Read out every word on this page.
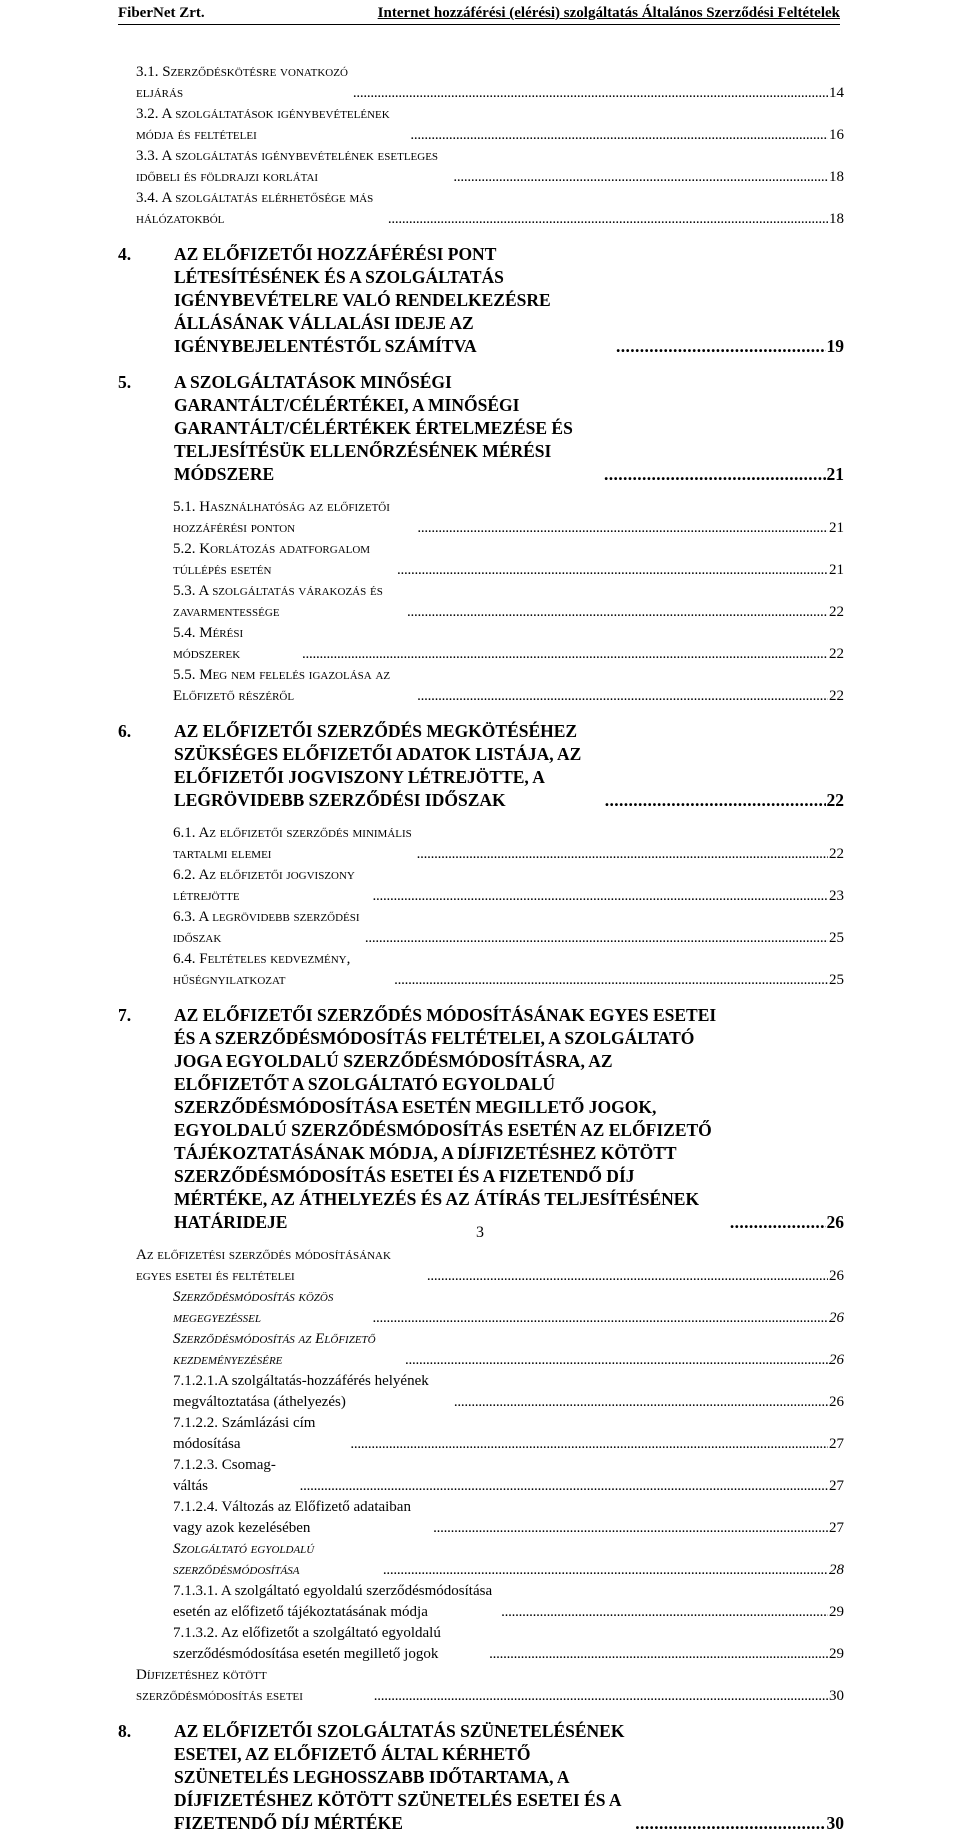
FiberNet Zrt.	Internet hozzáférési (elérési) szolgáltatás Általános Szerződési Feltételek
3.1. Szerződéskötésre vonatkozó eljárás . . .	14
3.2. A szolgáltatások igénybevételének módja és feltételei . . .	16
3.3. A szolgáltatás igénybevételének esetleges időbeli és földrajzi korlátai . . .	18
3.4. A szolgáltatás elérhetősége más hálózatokból . . .	18
4. AZ ELŐFIZETŐI HOZZÁFÉRÉSI PONT LÉTESÍTÉSÉNEK ÉS A SZOLGÁLTATÁS IGÉNYBEVÉTELRE VALÓ RENDELKEZÉSRE ÁLLÁSÁNAK VÁLLALÁSI IDEJE AZ IGÉNYBEJELENTÉSTŐL SZÁMÍTVA . . .	19
5. A SZOLGÁLTATÁSOK MINŐSÉGI GARANTÁLT/CÉLÉRTÉKEI, A MINŐSÉGI GARANTÁLT/CÉLÉRTÉKEK ÉRTELMEZÉSE ÉS TELJESÍTÉSÜK ELLENŐRZÉSÉNEK MÉRÉSI MÓDSZERE . . .	21
5.1. Használhatóság az előfizetői hozzáférési ponton . . .	21
5.2. Korlátozás adatforgalom túllépés esetén . . .	21
5.3. A szolgáltatás várakozás és zavarmentessége . . .	22
5.4. Mérési módszerek . . .	22
5.5. Meg nem felelés igazolása az Előfizető részéről . . .	22
6. AZ ELŐFIZETŐI SZERZŐDÉS MEGKÖTÉSÉHEZ SZÜKSÉGES ELŐFIZETŐI ADATOK LISTÁJA, AZ ELŐFIZETŐI JOGVISZONY LÉTREJÖTTE, A LEGRÖVIDEBB SZERZŐDÉSI IDŐSZAK . . .	22
6.1. Az előfizetői szerződés minimális tartalmi elemei . . .	22
6.2. Az előfizetői jogviszony létrejötte . . .	23
6.3. A legrövidebb szerződési időszak . . .	25
6.4. Feltételes kedvezmény, hűségnyilatkozat . . .	25
7. AZ ELŐFIZETŐI SZERZŐDÉS MÓDOSÍTÁSÁNAK EGYES ESETEI ÉS A SZERZŐDÉSMÓDOSÍTÁS FELTÉTELEI, A SZOLGÁLTATÓ JOGA EGYOLDALÚ SZERZŐDÉSMÓDOSÍTÁSRA, AZ ELŐFIZETŐT A SZOLGÁLTATÓ EGYOLDALÚ SZERZŐDÉSMÓDOSÍTÁSA ESETÉN MEGILLETŐ JOGOK, EGYOLDALÚ SZERZŐDÉSMÓDOSÍTÁS ESETÉN AZ ELŐFIZETŐ TÁJÉKOZTATÁSÁNAK MÓDJA, A DÍJFIZETÉSHEZ KÖTÖTT SZERZŐDÉSMÓDOSÍTÁS ESETEI ÉS A FIZETENDŐ DÍJ MÉRTÉKE, AZ ÁTHELYEZÉS ÉS AZ ÁTÍRÁS TELJESÍTÉSÉNEK HATÁRIDEJE . . .	26
Az előfizetési szerződés módosításának egyes esetei és feltételei . . .	26
Szerződésmódosítás közös megegyezéssel . . .	26
Szerződésmódosítás az Előfizető kezdeményezésére . . .	26
7.1.2.1.A szolgáltatás-hozzáférés helyének megváltoztatása (áthelyezés) . . .	26
7.1.2.2. Számlázási cím módosítása . . .	27
7.1.2.3. Csomag-váltás . . .	27
7.1.2.4. Változás az Előfizető adataiban vagy azok kezelésében . . .	27
Szolgáltató egyoldalú szerződésmódosítása . . .	28
7.1.3.1. A szolgáltató egyoldalú szerződésmódosítása esetén az előfizető tájékoztatásának módja . . .	29
7.1.3.2. Az előfizetőt a szolgáltató egyoldalú szerződésmódosítása esetén megillető jogok . . .	29
Díjfizetéshez kötött szerződésmódosítás esetei . . .	30
8. AZ ELŐFIZETŐI SZOLGÁLTATÁS SZÜNETELÉSÉNEK ESETEI, AZ ELŐFIZETŐ ÁLTAL KÉRHETŐ SZÜNETELÉS LEGHOSSZABB IDŐTARTAMA, A DÍJFIZETÉSHEZ KÖTÖTT SZÜNETELÉS ESETEI ÉS A FIZETENDŐ DÍJ MÉRTÉKE . . .	30
3
